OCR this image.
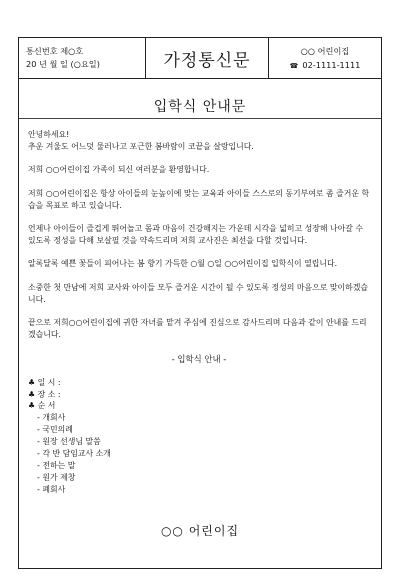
통신번호 제○호
20 년 월 일 (○요일)	가정통신문	○○ 어린이집
☎ 02-1111-1111
입학식 안내문

안녕하세요!

추운 겨울도 어느덧 물러나고 포근한 봄바람이 코끝을 살랑입니다.

저희 ○○어린이집 가족이 되신 여러분을 환영합니다.

저희 ○○어린이집은 항상 아이들의 눈높이에 맞는 교육과 아이들 스스로의 동기부여로 좀 즐거운 학습을 목표로 하고 있습니다.

언제나 아이들이 즐겁게 뛰어놀고 몸과 마음이 건강해지는 가운데 시각을 넓히고 성장해 나아갈 수 있도록 정성을 다해 보살필 것을 약속드리며 저희 교사진은 최선을 다할 것입니다.

알록달록 예쁜 꽃들이 피어나는 봄 향기 가득한 ○월 ○일 ○○어린이집 입학식이 열립니다.

소중한 첫 만남에 저희 교사와 아이들 모두 즐거운 시간이 될 수 있도록 정성의 마음으로 맞이하겠습니다.

끝으로 저희○○어린이집에 귀한 자녀를 맡겨 주심에 진심으로 감사드리며 다음과 같이 안내를 드리겠습니다.

- 입학식 안내 -
♣ 일 시 :
♣ 장 소 :
♣ 순 서
- 개회사
- 국민의례
- 원장 선생님 말씀
- 각 반 담임교사 소개
- 전하는 말
- 원가 제창
- 폐회사
○○ 어린이집
